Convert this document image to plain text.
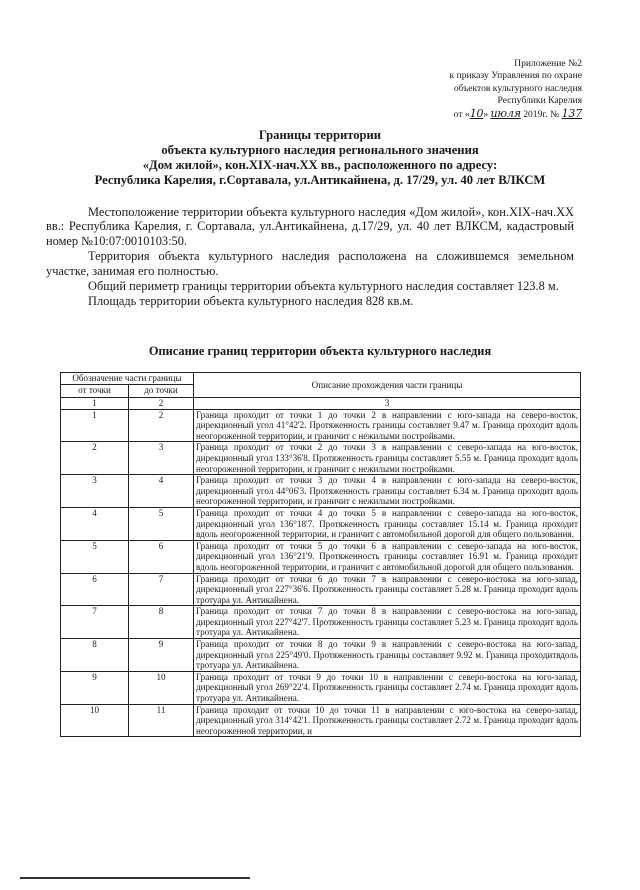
Приложение №2
к приказу Управления по охране
объектов культурного наследия
Республики Карелия
от «10» июля 2019г. № 137
Границы территории
объекта культурного наследия регионального значения
«Дом жилой», кон.XIX-нач.XX вв., расположенного по адресу:
Республика Карелия, г.Сортавала, ул.Антикайнена, д. 17/29, ул. 40 лет ВЛКСМ

Местоположение территории объекта культурного наследия «Дом жилой», кон.XIX-нач.XX вв.: Республика Карелия, г. Сортавала, ул.Антикайнена, д.17/29, ул. 40 лет ВЛКСМ, кадастровый номер №10:07:0010103:50.

Территория объекта культурного наследия расположена на сложившемся земельном участке, занимая его полностью.

Общий периметр границы территории объекта культурного наследия составляет 123.8 м.

Площадь территории объекта культурного наследия 828 кв.м.

Описание границ территории объекта культурного наследия
Обозначение части границы		Описание прохождения части границы
от точки	до точки	
1	2	3
1	2	Граница проходит от точки 1 до точки 2 в направлении с юго-запада на северо-восток, дирекционный угол 41°42'2. Протяженность границы составляет 9.47 м. Граница проходит вдоль неогороженной территории, и граничит с нежилыми постройками.
2	3	Граница проходит от точки 2 до точки 3 в направлении с северо-запада на юго-восток, дирекционный угол 133°36'8. Протяженность границы составляет 5.55 м. Граница проходит вдоль неогороженной территории, и граничит с нежилыми постройками.
3	4	Граница проходит от точки 3 до точки 4 в направлении с юго-запада на северо-восток, дирекционный угол 44°06'3. Протяженность границы составляет 6.34 м. Граница проходит вдоль неогороженной территории, и граничит с нежилыми постройками.
4	5	Граница проходит от точки 4 до точки 5 в направлении с северо-запада на юго-восток, дирекционный угол 136°18'7. Протяженность границы составляет 15.14 м. Граница проходит вдоль неогороженной территории, и граничит с автомобильной дорогой для общего пользования.
5	6	Граница проходит от точки 5 до точки 6 в направлении с северо-запада на юго-восток, дирекционный угол 136°21'9. Протяженность границы составляет 16.91 м. Граница проходит вдоль неогороженной территории, и граничит с автомобильной дорогой для общего пользования.
6	7	Граница проходит от точки 6 до точки 7 в направлении с северо-востока на юго-запад, дирекционный угол 227°36'6. Протяженность границы составляет 5.28 м. Граница проходит вдоль тротуара ул. Антикайнена.
7	8	Граница проходит от точки 7 до точки 8 в направлении с северо-востока на юго-запад, дирекционный угол 227°42'7. Протяженность границы составляет 5.23 м. Граница проходит вдоль тротуара ул. Антикайнена.
8	9	Граница проходит от точки 8 до точки 9 в направлении с северо-востока на юго-запад, дирекционный угол 225°49'0. Протяженность границы составляет 9.92 м. Граница проходитвдоль тротуара ул. Антикайнена.
9	10	Граница проходит от точки 9 до точки 10 в направлении с северо-востока на юго-запад, дирекционный угол 269°22'4. Протяженность границы составляет 2.74 м. Граница проходит вдоль тротуара ул. Антикайнена.
10	11	Граница проходит от точки 10 до точки 11 в направлении с юго-востока на северо-запад, дирекционный угол 314°42'1. Протяженность границы составляет 2.72 м. Граница проходит вдоль неогороженной территории, и
